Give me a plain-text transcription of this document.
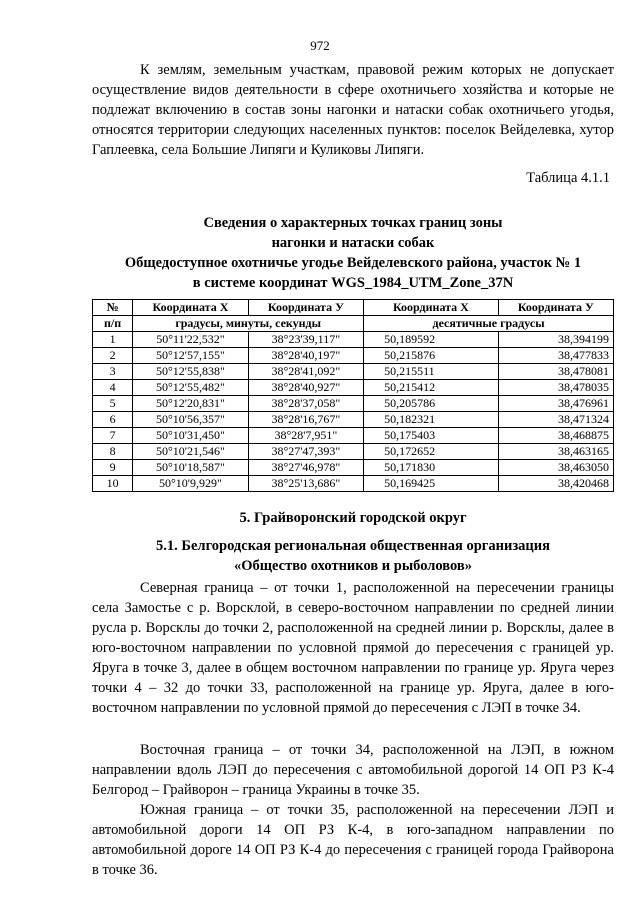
972

К землям, земельным участкам, правовой режим которых не допускает осуществление видов деятельности в сфере охотничьего хозяйства и которые не подлежат включению в состав зоны нагонки и натаски собак охотничьего угодья, относятся территории следующих населенных пунктов: поселок Вейделевка, хутор Гаплеевка, села Большие Липяги и Куликовы Липяги.

Таблица 4.1.1
Сведения о характерных точках границ зоны
нагонки и натаски собак
Общедоступное охотничье угодье Вейделевского района, участок № 1
в системе координат WGS_1984_UTM_Zone_37N
№	Координата X	Координата У	Координата X	Координата У
п/п	градусы, минуты, секунды		десятичные градусы	
1	50°11'22,532"	38°23'39,117"	50,189592	38,394199
2	50°12'57,155"	38°28'40,197"	50,215876	38,477833
3	50°12'55,838"	38°28'41,092"	50,215511	38,478081
4	50°12'55,482"	38°28'40,927"	50,215412	38,478035
5	50°12'20,831"	38°28'37,058"	50,205786	38,476961
6	50°10'56,357"	38°28'16,767"	50,182321	38,471324
7	50°10'31,450"	38°28'7,951"	50,175403	38,468875
8	50°10'21,546"	38°27'47,393"	50,172652	38,463165
9	50°10'18,587"	38°27'46,978"	50,171830	38,463050
10	50°10'9,929"	38°25'13,686"	50,169425	38,420468
5. Грайворонский городской округ
5.1. Белгородская региональная общественная организация
«Общество охотников и рыболовов»

Северная граница – от точки 1, расположенной на пересечении границы села Замостье с р. Ворсклой, в северо-восточном направлении по средней линии русла р. Ворсклы до точки 2, расположенной на средней линии р. Ворсклы, далее в юго-восточном направлении по условной прямой до пересечения с границей ур. Яруга в точке 3, далее в общем восточном направлении по границе ур. Яруга через точки 4 – 32 до точки 33, расположенной на границе ур. Яруга, далее в юго-восточном направлении по условной прямой до пересечения с ЛЭП в точке 34.

Восточная граница – от точки 34, расположенной на ЛЭП, в южном направлении вдоль ЛЭП до пересечения с автомобильной дорогой 14 ОП РЗ К-4 Белгород – Грайворон – граница Украины в точке 35.

Южная граница – от точки 35, расположенной на пересечении ЛЭП и автомобильной дороги 14 ОП РЗ К-4, в юго-западном направлении по автомобильной дороге 14 ОП РЗ К-4 до пересечения с границей города Грайворона в точке 36.
